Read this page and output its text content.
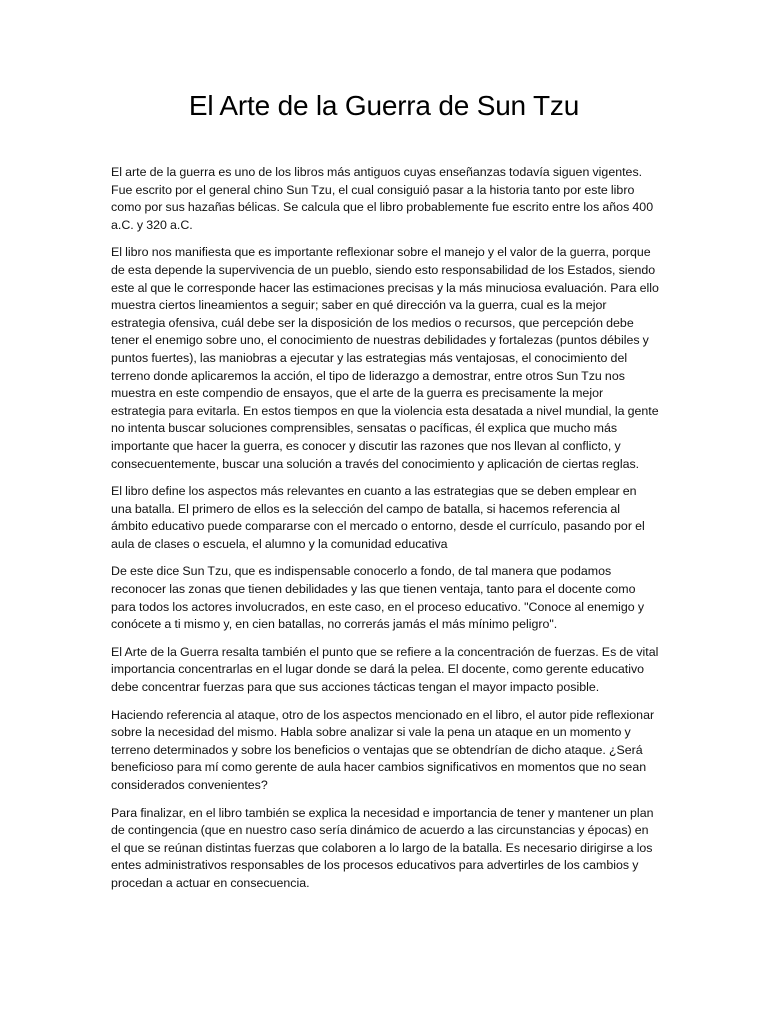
El Arte de la Guerra de Sun Tzu

El arte de la guerra es uno de los libros más antiguos cuyas enseñanzas todavía siguen vigentes. Fue escrito por el general chino Sun Tzu, el cual consiguió pasar a la historia tanto por este libro como por sus hazañas bélicas. Se calcula que el libro probablemente fue escrito entre los años 400 a.C. y 320 a.C.

El libro nos manifiesta que es importante reflexionar sobre el manejo y el valor de la guerra, porque de esta depende la supervivencia de un pueblo, siendo esto responsabilidad de los Estados, siendo este al que le corresponde hacer las estimaciones precisas y la más minuciosa evaluación. Para ello muestra ciertos lineamientos a seguir; saber en qué dirección va la guerra, cual es la mejor estrategia ofensiva, cuál debe ser la disposición de los medios o recursos, que percepción debe tener el enemigo sobre uno, el conocimiento de nuestras debilidades y fortalezas (puntos débiles y puntos fuertes), las maniobras a ejecutar y las estrategias más ventajosas, el conocimiento del terreno donde aplicaremos la acción, el tipo de liderazgo a demostrar, entre otros Sun Tzu nos muestra en este compendio de ensayos, que el arte de la guerra es precisamente la mejor estrategia para evitarla. En estos tiempos en que la violencia esta desatada a nivel mundial, la gente no intenta buscar soluciones comprensibles, sensatas o pacíficas, él explica que mucho más importante que hacer la guerra, es conocer y discutir las razones que nos llevan al conflicto, y consecuentemente, buscar una solución a través del conocimiento y aplicación de ciertas reglas.

El libro define los aspectos más relevantes en cuanto a las estrategias que se deben emplear en una batalla. El primero de ellos es la selección del campo de batalla, si hacemos referencia al ámbito educativo puede compararse con el mercado o entorno, desde el currículo, pasando por el aula de clases o escuela, el alumno y la comunidad educativa

De este dice Sun Tzu, que es indispensable conocerlo a fondo, de tal manera que podamos reconocer las zonas que tienen debilidades y las que tienen ventaja, tanto para el docente como para todos los actores involucrados, en este caso, en el proceso educativo. "Conoce al enemigo y conócete a ti mismo y, en cien batallas, no correrás jamás el más mínimo peligro".

El Arte de la Guerra resalta también el punto que se refiere a la concentración de fuerzas. Es de vital importancia concentrarlas en el lugar donde se dará la pelea. El docente, como gerente educativo debe concentrar fuerzas para que sus acciones tácticas tengan el mayor impacto posible.

Haciendo referencia al ataque, otro de los aspectos mencionado en el libro, el autor pide reflexionar sobre la necesidad del mismo. Habla sobre analizar si vale la pena un ataque en un momento y terreno determinados y sobre los beneficios o ventajas que se obtendrían de dicho ataque. ¿Será beneficioso para mí como gerente de aula hacer cambios significativos en momentos que no sean considerados convenientes?

Para finalizar, en el libro también se explica la necesidad e importancia de tener y mantener un plan de contingencia (que en nuestro caso sería dinámico de acuerdo a las circunstancias y épocas) en el que se reúnan distintas fuerzas que colaboren a lo largo de la batalla. Es necesario dirigirse a los entes administrativos responsables de los procesos educativos para advertirles de los cambios y procedan a actuar en consecuencia.
